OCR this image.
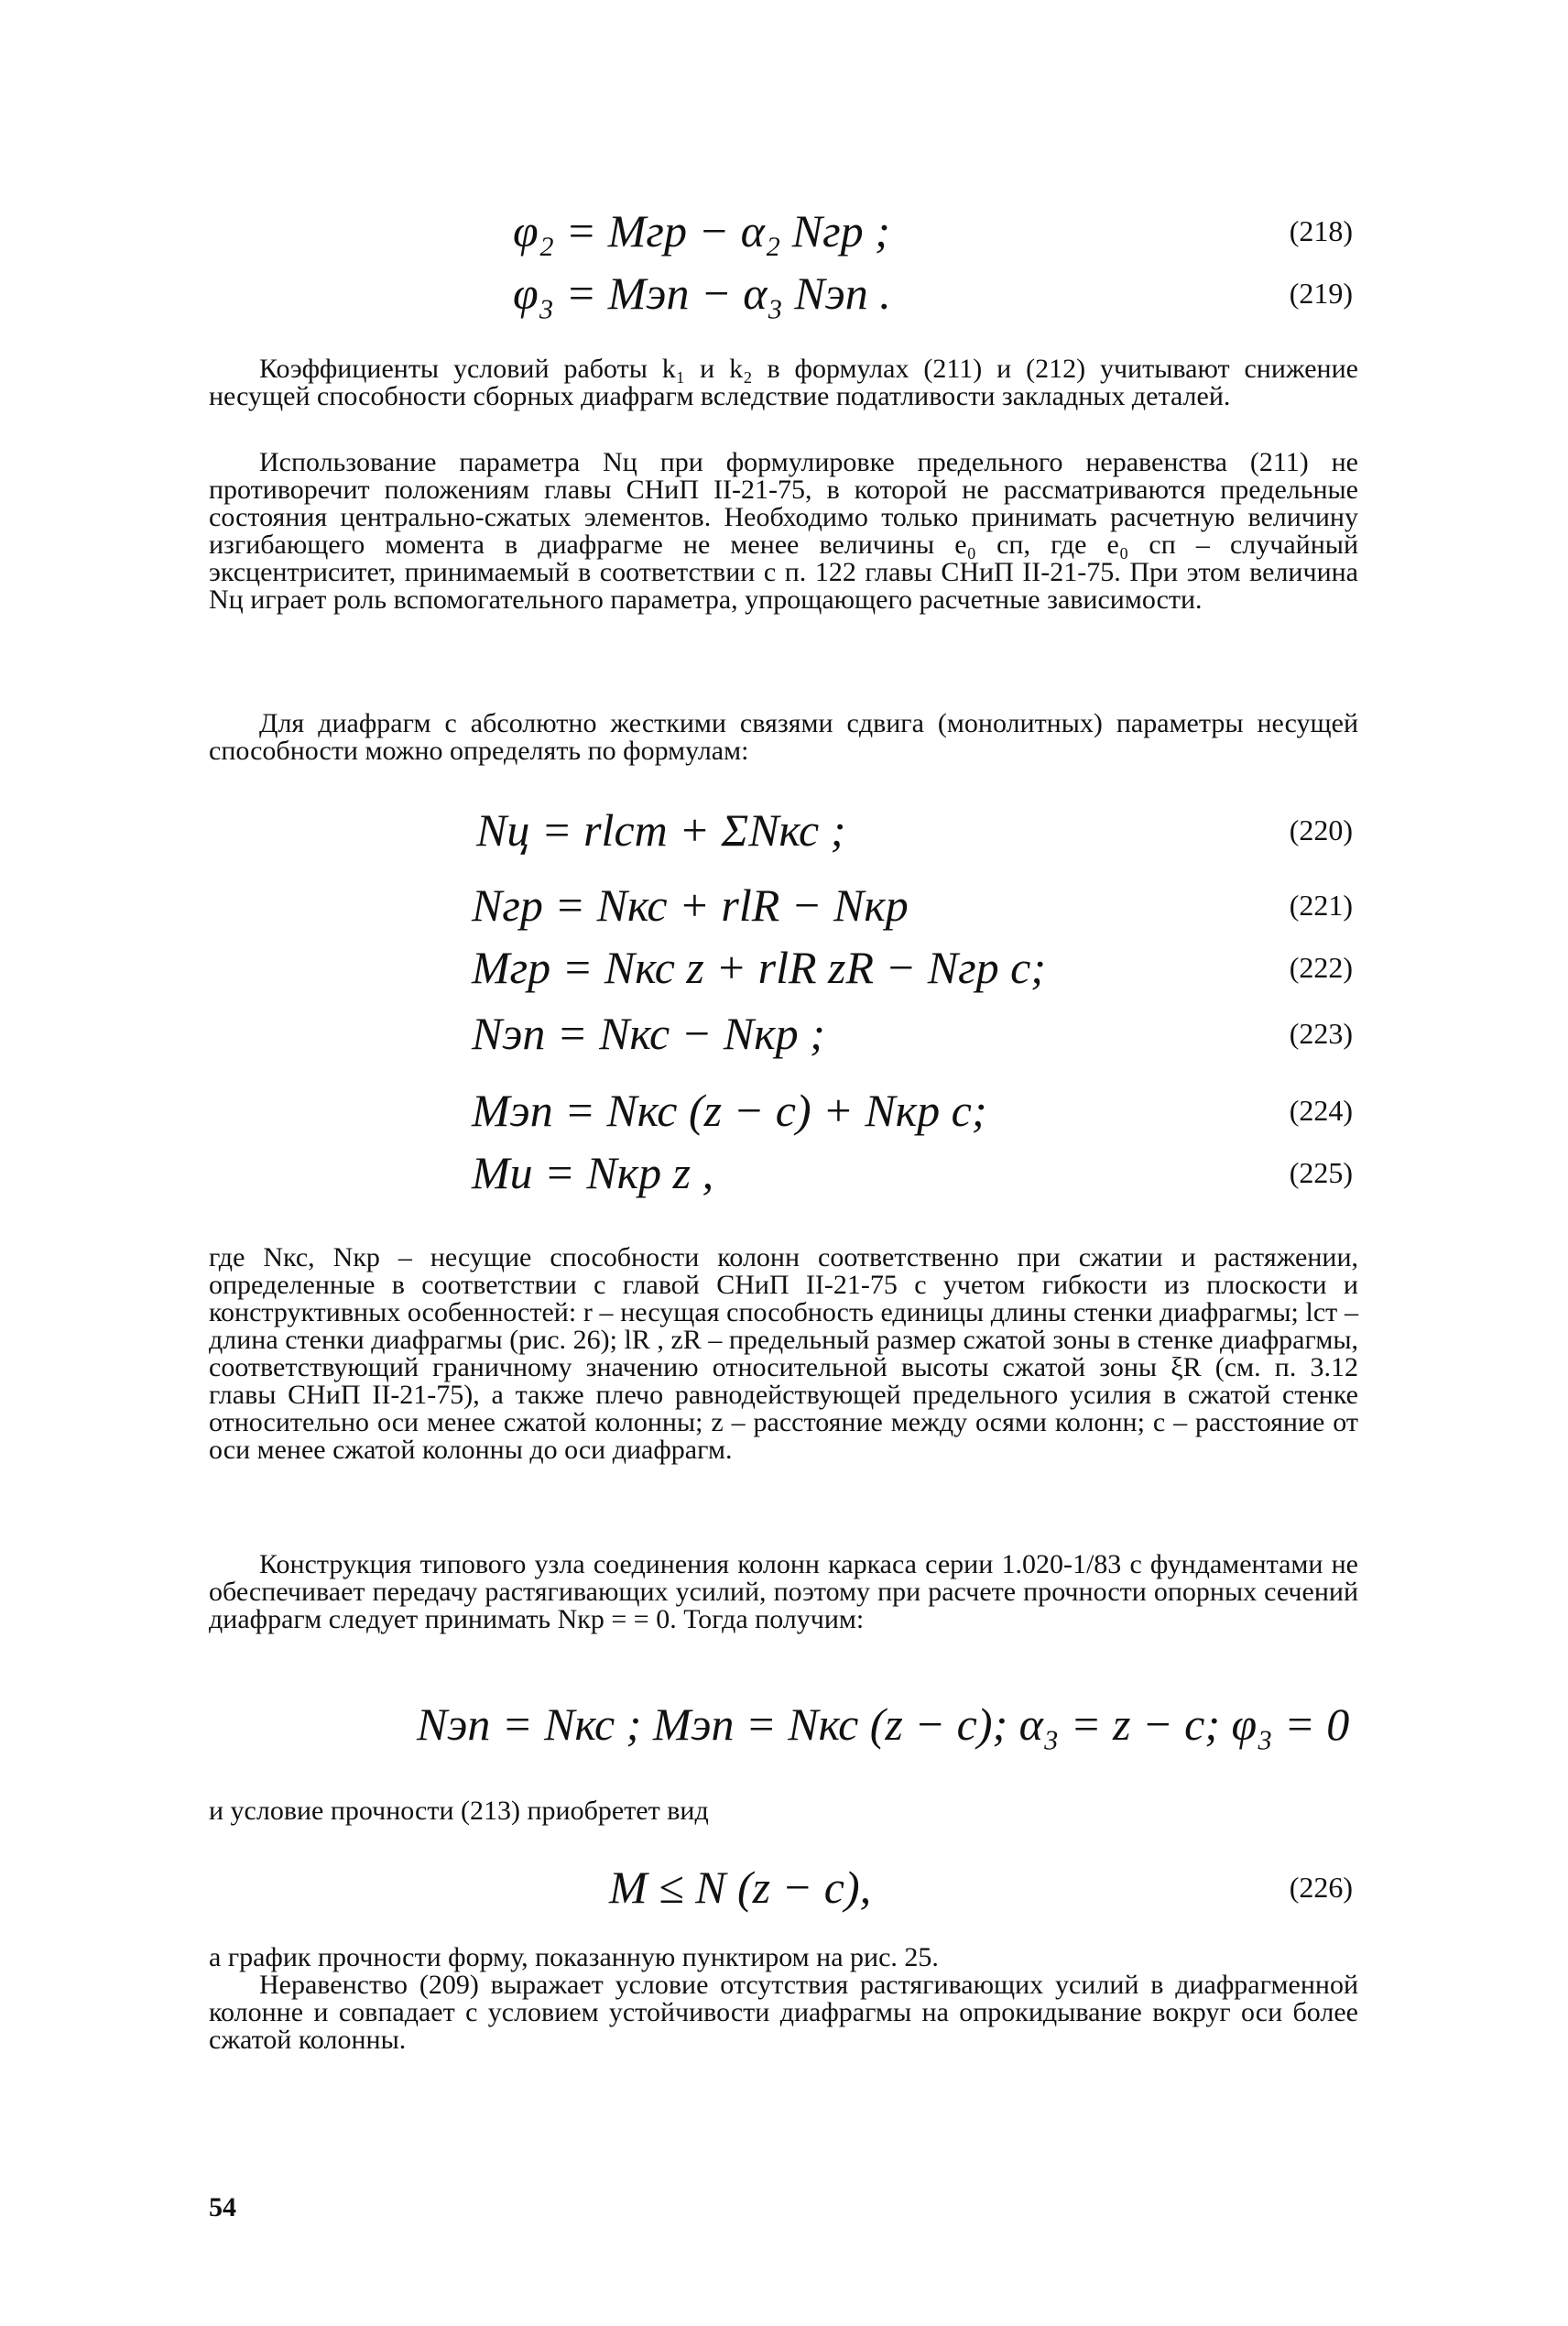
φ₂ = Mгр − α₂ Nгр ;	(218)
φ₃ = Mэп − α₃ Nэп .	(219)

Коэффициенты условий работы k₁ и k₂ в формулах (211) и (212) учитывают снижение несущей способности сборных диафрагм вследствие податливости закладных деталей.

Использование параметра Nц при формулировке предельного неравенства (211) не противоречит положениям главы СНиП II-21-75, в которой не рассматриваются предельные состояния центрально-сжатых элементов. Необходимо только принимать расчетную величину изгибающего момента в диафрагме не менее величины e₀ сп, где e₀ сп – случайный эксцентриситет, принимаемый в соответствии с п. 122 главы СНиП II-21-75. При этом величина Nц играет роль вспомогательного параметра, упрощающего расчетные зависимости.

Для диафрагм с абсолютно жесткими связями сдвига (монолитных) параметры несущей способности можно определять по формулам:

Nц = rlст + ΣNкс ;	(220)
Nгр = Nкс + rlR − Nкр	(221)
Mгр = Nкс z + rlR zR − Nгр c;	(222)
Nэп = Nкс − Nкр ;	(223)
Mэп = Nкс (z − c) + Nкр c;	(224)
Mи = Nкр z ,	(225)

где Nкс, Nкр – несущие способности колонн соответственно при сжатии и растяжении, определенные в соответствии с главой СНиП II-21-75 с учетом гибкости из плоскости и конструктивных особенностей: r – несущая способность единицы длины стенки диафрагмы; lст – длина стенки диафрагмы (рис. 26); lR , zR – предельный размер сжатой зоны в стенке диафрагмы, соответствующий граничному значению относительной высоты сжатой зоны ξR (см. п. 3.12 главы СНиП II-21-75), а также плечо равнодействующей предельного усилия в сжатой стенке относительно оси менее сжатой колонны; z – расстояние между осями колонн; c – расстояние от оси менее сжатой колонны до оси диафрагм.

Конструкция типового узла соединения колонн каркаса серии 1.020-1/83 с фундаментами не обеспечивает передачу растягивающих усилий, поэтому при расчете прочности опорных сечений диафрагм следует принимать Nкр = = 0. Тогда получим:

Nэп = Nкс ; Mэп = Nкс (z − c); α₃ = z − c; φ₃ = 0

и условие прочности (213) приобретет вид

M ≤ N (z − c),	(226)

а график прочности форму, показанную пунктиром на рис. 25.

Неравенство (209) выражает условие отсутствия растягивающих усилий в диафрагменной колонне и совпадает с условием устойчивости диафрагмы на опрокидывание вокруг оси более сжатой колонны.

54
